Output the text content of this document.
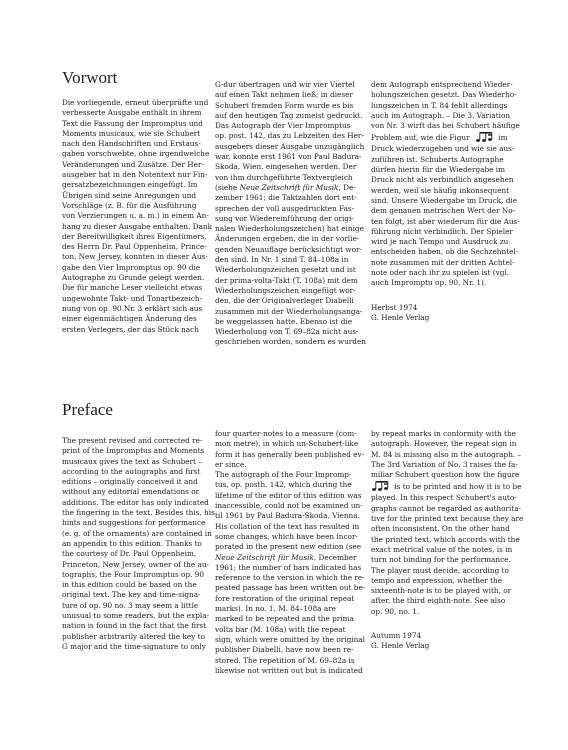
Vorwort
Die vorliegende, erneut überprüfte und
verbesserte Ausgabe enthält in ihrem
Text die Fassung der Impromptus und
Moments musicaux, wie sie Schubert
nach den Handschriften und Erstaus-
gaben vorschwebte, ohne irgendwelche
Veränderungen und Zusätze. Der Her-
ausgeber hat in den Notentext nur Fin-
gersatzbezeichnungen eingefügt. Im
Übrigen sind seine Anregungen und
Vorschläge (z. B. für die Ausführung
von Verzierungen u. a. m.) in einem An-
hang zu dieser Ausgabe enthalten. Dank
der Bereitwilligkeit ihres Eigentümers,
des Herrn Dr. Paul Oppenheim, Prince-
ton, New Jersey, konnten in dieser Aus-
gabe den Vier Impromptus op. 90 die
Autographe zu Grunde gelegt werden.
Die für manche Leser vielleicht etwas
ungewohnte Takt- und Tonartbezeich-
nung von op. 90 Nr. 3 erklärt sich aus
einer eigenmächtigen Änderung des
ersten Verlegers, der das Stück nach
G-dur übertragen und wir vier Viertel
auf einen Takt nehmen ließ; in dieser
Schubert fremden Form wurde es bis
auf den heutigen Tag zumeist gedruckt.
Das Autograph der Vier Impromptus
op. post. 142, das zu Lebzeiten des Her-
ausgebers dieser Ausgabe unzugänglich
war, konnte erst 1961 von Paul Badura-
Skoda, Wien, eingesehen werden. Der
von ihm durchgeführte Textvergleich
(siehe Neue Zeitschrift für Musik, De-
zember 1961; die Taktzahlen dort ent-
sprechen der voll ausgedruckten Fas-
sung vor Wiedereinführung der origi-
nalen Wiederholungszeichen) hat einige
Änderungen ergeben, die in der vorlie-
genden Neuauflage berücksichtigt wor-
den sind. In Nr. 1 sind T. 84–108a in
Wiederholungszeichen gesetzt und ist
der prima-volta-Takt (T. 108a) mit dem
Wiederholungszeichen eingefügt wor-
den, die der Originalverleger Diabelli
zusammen mit der Wiederholungsanga-
be weggelassen hatte. Ebenso ist die
Wiederholung von T. 69–82a nicht aus-
geschrieben worden, sondern es wurden
dem Autograph entsprechend Wieder-
holungszeichen gesetzt. Das Wiederho-
lungszeichen in T. 84 fehlt allerdings
auch im Autograph. – Die 3. Variation
von Nr. 3 wirft das bei Schubert häufige
Problem auf, wie die Figur	im
Druck wiederzugeben und wie sie aus-
zuführen ist. Schuberts Autographe
dürfen hierin für die Wiedergabe im
Druck nicht als verbindlich angesehen
werden, weil sie häufig inkonsequent
sind. Unsere Wiedergabe im Druck, die
dem genauen metrischen Wert der No-
ten folgt, ist aber wiederum für die Aus-
führung nicht verbindlich. Der Spieler
wird je nach Tempo und Ausdruck zu
entscheiden haben, ob die Sechzehntel-
note zusammen mit der dritten Achtel-
note oder nach ihr zu spielen ist (vgl.
auch Impromptu op. 90, Nr. 1).
Herbst 1974
G. Henle Verlag
Preface
The present revised and corrected re-
print of the Impromptus and Moments
musicaux gives the text as Schubert –
according to the autographs and first
editions – originally conceived it and
without any editorial emendations or
additions. The editor has only indicated
the fingering in the text. Besides this, his
hints and suggestions for performance
(e. g. of the ornaments) are contained in
an appendix to this edition. Thanks to
the courtesy of Dr. Paul Oppenheim,
Princeton, New Jersey, owner of the au-
tographs, the Four Impromptus op. 90
in this edition could be based on the
original text. The key and time-signa-
ture of op. 90 no. 3 may seem a little
unusual to some readers, but the expla-
nation is found in the fact that the first
publisher arbitrarily altered the key to
G major and the time-signature to only
four quarter-notes to a measure (com-
mon metre), in which un-Schubert-like
form it has generally been published ev-
er since.
The autograph of the Four Impromp-
tus, op. posth. 142, which during the
lifetime of the editor of this edition was
inaccessible, could not be examined un-
til 1961 by Paul Badura-Skoda, Vienna.
His collation of the text has resulted in
some changes, which have been incor-
porated in the present new edition (see
Neue Zeitschrift für Musik, December
1961; the number of bars indicated has
reference to the version in which the re-
peated passage has been written out be-
fore restoration of the original repeat
marks). In no. 1, M. 84–108a are
marked to be repeated and the prima
volta bar (M. 108a) with the repeat
sign, which were omitted by the original
publisher Diabelli, have now been re-
stored. The repetition of M. 69–82a is
likewise not written out but is indicated
by repeat marks in conformity with the
autograph. However, the repeat sign in
M. 84 is missing also in the autograph. –
The 3rd Variation of No. 3 raises the fa-
miliar Schubert question how the figure
is to be printed and how it is to be
played. In this respect Schubert's auto-
graphs cannot be regarded as authorita-
tive for the printed text because they are
often inconsistent. On the other hand
the printed text, which accords with the
exact metrical value of the notes, is in
turn not binding for the performance.
The player must decide, according to
tempo and expression, whether the
sixteenth-note is to be played with, or
after, the third eighth-note. See also
op. 90, no. 1.
Autumn 1974
G. Henle Verlag
